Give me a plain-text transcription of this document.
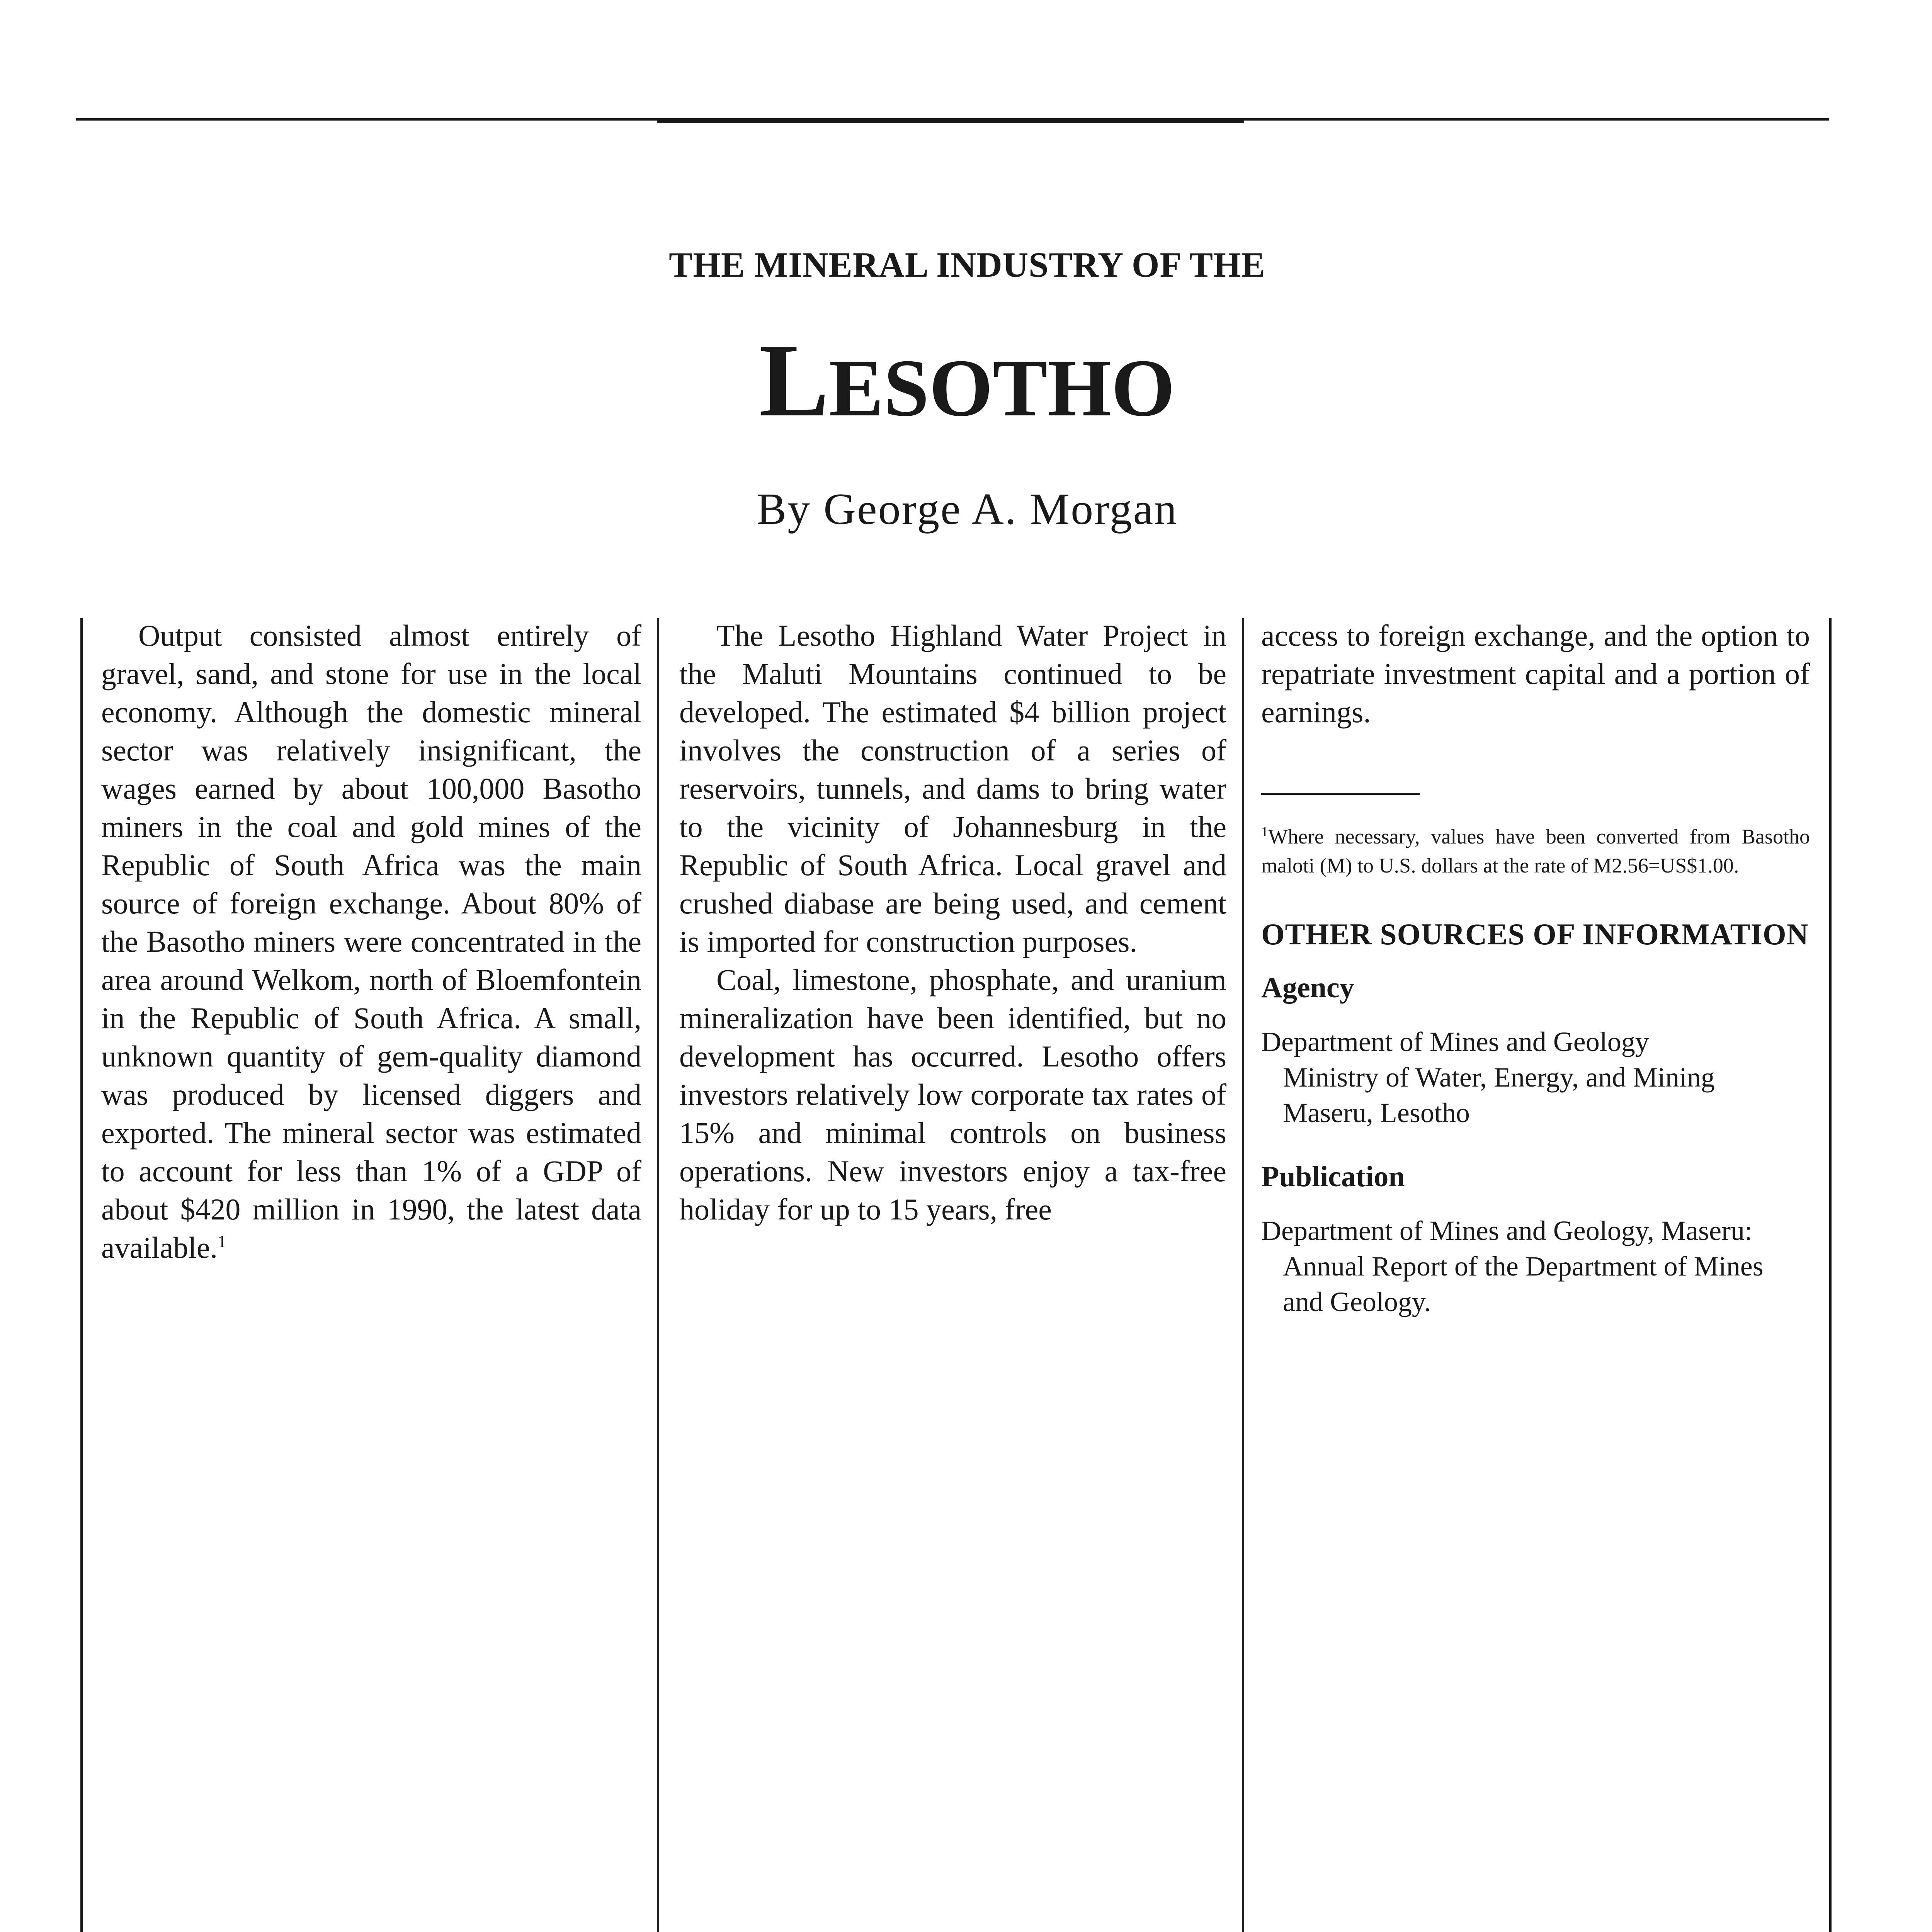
THE MINERAL INDUSTRY OF THE
LESOTHO
By George A. Morgan

Output consisted almost entirely of gravel, sand, and stone for use in the local economy. Although the domestic mineral sector was relatively insignificant, the wages earned by about 100,000 Basotho miners in the coal and gold mines of the Republic of South Africa was the main source of foreign exchange. About 80% of the Basotho miners were concentrated in the area around Welkom, north of Bloemfontein in the Republic of South Africa. A small, unknown quantity of gem-quality diamond was produced by licensed diggers and exported. The mineral sector was estimated to account for less than 1% of a GDP of about $420 million in 1990, the latest data available.$^1$

The Lesotho Highland Water Project in the Maluti Mountains continued to be developed. The estimated $4 billion project involves the construction of a series of reservoirs, tunnels, and dams to bring water to the vicinity of Johannesburg in the Republic of South Africa. Local gravel and crushed diabase are being used, and cement is imported for construction purposes.

Coal, limestone, phosphate, and uranium mineralization have been identified, but no development has occurred. Lesotho offers investors relatively low corporate tax rates of 15% and minimal controls on business operations. New investors enjoy a tax-free holiday for up to 15 years, free

access to foreign exchange, and the option to repatriate investment capital and a portion of earnings.

$^1$Where necessary, values have been converted from Basotho maloti (M) to U.S. dollars at the rate of M2.56=US$1.00.
OTHER SOURCES OF INFORMATION
Agency
Department of Mines and Geology
Ministry of Water, Energy, and Mining
Maseru, Lesotho
Publication
Department of Mines and Geology, Maseru:
Annual Report of the Department of Mines and Geology.
